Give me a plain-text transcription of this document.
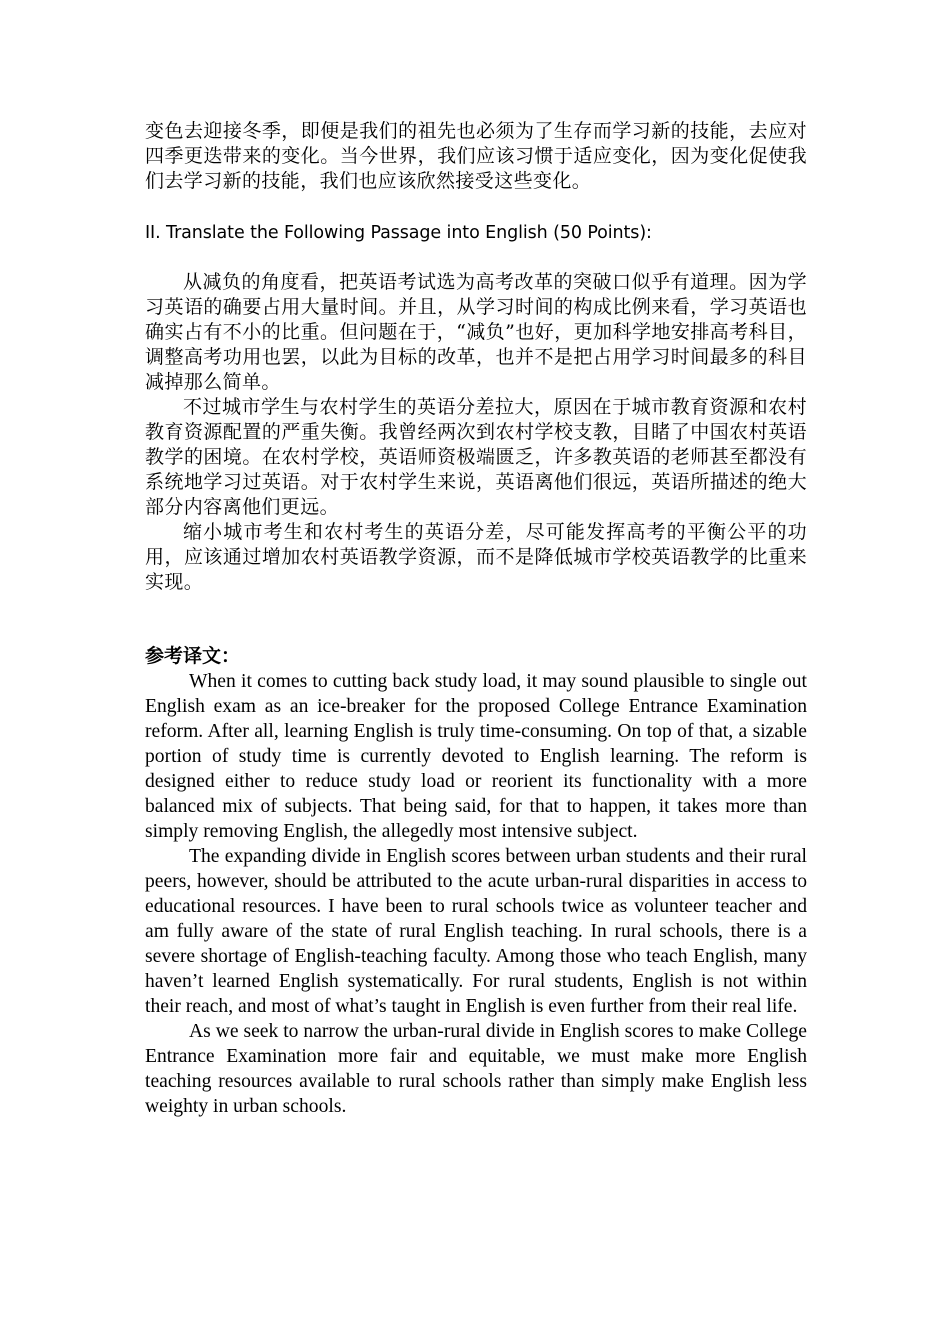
变色去迎接冬季，即便是我们的祖先也必须为了生存而学习新的技能，去应对四季更迭带来的变化。当今世界，我们应该习惯于适应变化，因为变化促使我们去学习新的技能，我们也应该欣然接受这些变化。

II. Translate the Following Passage into English (50 Points):

从减负的角度看，把英语考试选为高考改革的突破口似乎有道理。因为学习英语的确要占用大量时间。并且，从学习时间的构成比例来看，学习英语也确实占有不小的比重。但问题在于，“减负”也好，更加科学地安排高考科目，调整高考功用也罢，以此为目标的改革，也并不是把占用学习时间最多的科目减掉那么简单。

不过城市学生与农村学生的英语分差拉大，原因在于城市教育资源和农村教育资源配置的严重失衡。我曾经两次到农村学校支教，目睹了中国农村英语教学的困境。在农村学校，英语师资极端匮乏，许多教英语的老师甚至都没有系统地学习过英语。对于农村学生来说，英语离他们很远，英语所描述的绝大部分内容离他们更远。

缩小城市考生和农村考生的英语分差，尽可能发挥高考的平衡公平的功用，应该通过增加农村英语教学资源，而不是降低城市学校英语教学的比重来实现。

参考译文：

When it comes to cutting back study load, it may sound plausible to single out English exam as an ice-breaker for the proposed College Entrance Examination reform. After all, learning English is truly time-consuming. On top of that, a sizable portion of study time is currently devoted to English learning. The reform is designed either to reduce study load or reorient its functionality with a more balanced mix of subjects. That being said, for that to happen, it takes more than simply removing English, the allegedly most intensive subject.

The expanding divide in English scores between urban students and their rural peers, however, should be attributed to the acute urban-rural disparities in access to educational resources. I have been to rural schools twice as volunteer teacher and am fully aware of the state of rural English teaching. In rural schools, there is a severe shortage of English-teaching faculty. Among those who teach English, many haven’t learned English systematically. For rural students, English is not within their reach, and most of what’s taught in English is even further from their real life.

As we seek to narrow the urban-rural divide in English scores to make College Entrance Examination more fair and equitable, we must make more English teaching resources available to rural schools rather than simply make English less weighty in urban schools.
